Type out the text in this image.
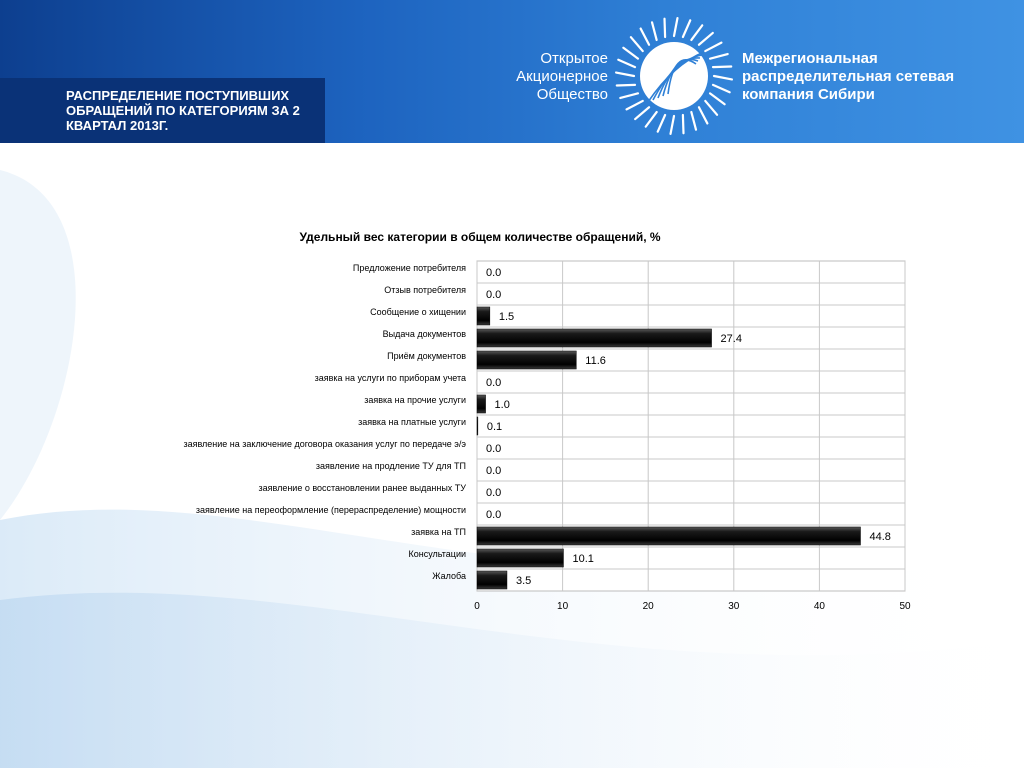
РАСПРЕДЕЛЕНИЕ ПОСТУПИВШИХ ОБРАЩЕНИЙ ПО КАТЕГОРИЯМ ЗА 2 КВАРТАЛ 2013Г.
Открытое
Акционерное
Общество
Межрегиональная
распределительная сетевая
компания Сибири
Удельный вес категории в общем количестве обращений, %
0	10	20	30	40	50
Предложение потребителя 0.0
Отзыв потребителя 0.0
Сообщение о хищении	1.5
Выдача документов	27.4
Приём документов	11.6
заявка на услуги по приборам учета 0.0
заявка на прочие услуги	1.0
заявка на платные услуги 0.1
заявление на заключение договора оказания услуг по передаче э/э 0.0
заявление на продление ТУ для ТП 0.0
заявление о восстановлении ранее выданных ТУ 0.0
заявление на переоформление (перераспределение) мощности 0.0
заявка на ТП	44.8
Консультации	10.1
Жалоба	3.5
